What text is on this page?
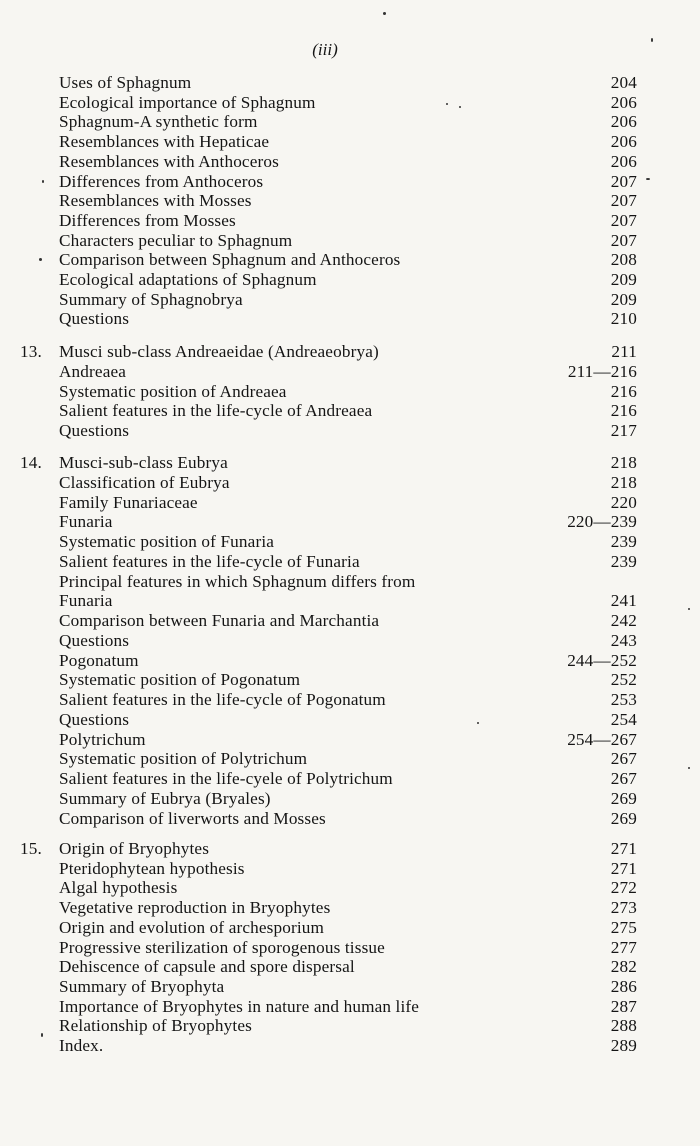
(iii)
Uses of Sphagnum	204
Ecological importance of Sphagnum	206
Sphagnum-A synthetic form	206
Resemblances with Hepaticae	206
Resemblances with Anthoceros	206
Differences from Anthoceros	207
Resemblances with Mosses	207
Differences from Mosses	207
Characters peculiar to Sphagnum	207
Comparison between Sphagnum and Anthoceros	208
Ecological adaptations of Sphagnum	209
Summary of Sphagnobrya	209
Questions	210
13. Musci sub-class Andreaeidae (Andreaeobrya)	211
Andreaea	211—216
Systematic position of Andreaea	216
Salient features in the life-cycle of Andreaea	216
Questions	217
14. Musci-sub-class Eubrya	218
Classification of Eubrya	218
Family Funariaceae	220
Funaria	220—239
Systematic position of Funaria	239
Salient features in the life-cycle of Funaria	239
Principal features in which Sphagnum differs from
Funaria	241
Comparison between Funaria and Marchantia	242
Questions	243
Pogonatum	244—252
Systematic position of Pogonatum	252
Salient features in the life-cycle of Pogonatum	253
Questions	254
Polytrichum	254—267
Systematic position of Polytrichum	267
Salient features in the life-cyele of Polytrichum	267
Summary of Eubrya (Bryales)	269
Comparison of liverworts and Mosses	269
15. Origin of Bryophytes	271
Pteridophytean hypothesis	271
Algal hypothesis	272
Vegetative reproduction in Bryophytes	273
Origin and evolution of archesporium	275
Progressive sterilization of sporogenous tissue	277
Dehiscence of capsule and spore dispersal	282
Summary of Bryophyta	286
Importance of Bryophytes in nature and human life	287
Relationship of Bryophytes	288
Index.	289
